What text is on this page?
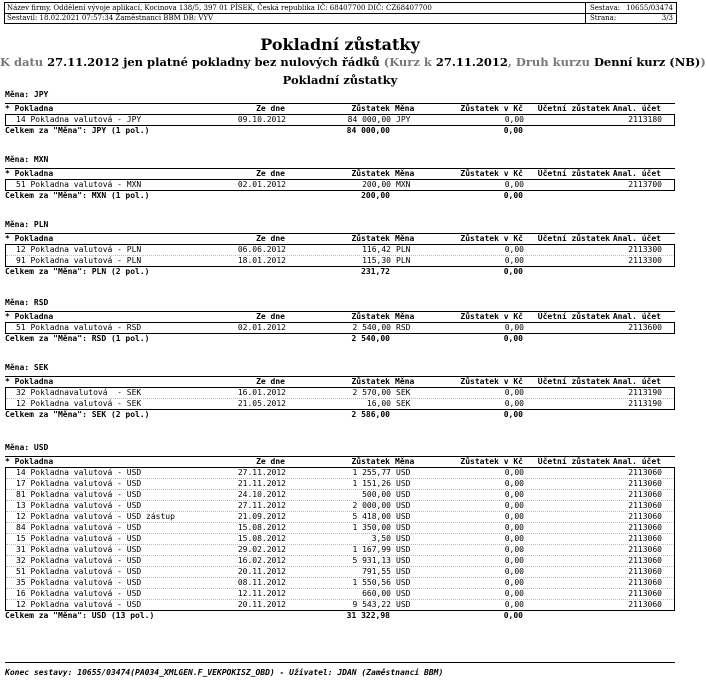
Název firmy, Oddělení vývoje aplikací, Kocinova 138/5, 397 01 PÍSEK, Česká republika IČ: 68407700 DIČ: CZ68407700
Sestavil: 18.02.2021 07:57:34 Zaměstnanci BBM DB: VYV
Sestava: 10655/03474
Strana:	3/3
Pokladní zůstatky
K datu 27.11.2012 jen platné pokladny bez nulových řádků (Kurz k 27.11.2012, Druh kurzu Denní kurz (NB))
Pokladní zůstatky
Měna: JPY
* Pokladna	Ze dne	Zůstatek Měna	Zůstatek v Kč	Účetní zůstatek Anal. účet
14 Pokladna valutová - JPY	09.10.2012	84 000,00 JPY	0,00	2113180
Celkem za "Měna": JPY (1 pol.)	84 000,00	0,00
Měna: MXN
* Pokladna	Ze dne	Zůstatek Měna	Zůstatek v Kč	Účetní zůstatek Anal. účet
51 Pokladna valutová - MXN	02.01.2012	200,00 MXN	0,00	2113700
Celkem za "Měna": MXN (1 pol.)	200,00	0,00
Měna: PLN
* Pokladna	Ze dne	Zůstatek Měna	Zůstatek v Kč	Účetní zůstatek Anal. účet
12 Pokladna valutová - PLN	06.06.2012	116,42 PLN	0,00	2113300
91 Pokladna valutová - PLN	18.01.2012	115,30 PLN	0,00	2113300
Celkem za "Měna": PLN (2 pol.)	231,72	0,00
Měna: RSD
* Pokladna	Ze dne	Zůstatek Měna	Zůstatek v Kč	Účetní zůstatek Anal. účet
51 Pokladna valutová - RSD	02.01.2012	2 540,00 RSD	0,00	2113600
Celkem za "Měna": RSD (1 pol.)	2 540,00	0,00
Měna: SEK
* Pokladna	Ze dne	Zůstatek Měna	Zůstatek v Kč	Účetní zůstatek Anal. účet
32 Pokladnavalutová  - SEK	16.01.2012	2 570,00 SEK	0,00	2113190
12 Pokladna valutová - SEK	21.05.2012	16,00 SEK	0,00	2113190
Celkem za "Měna": SEK (2 pol.)	2 586,00	0,00
Měna: USD
* Pokladna	Ze dne	Zůstatek Měna	Zůstatek v Kč	Účetní zůstatek Anal. účet
14 Pokladna valutová - USD	27.11.2012	1 255,77 USD	0,00	2113060
17 Pokladna valutová - USD	21.11.2012	1 151,26 USD	0,00	2113060
81 Pokladna valutová - USD	24.10.2012	500,00 USD	0,00	2113060
13 Pokladna valutová - USD	27.11.2012	2 000,00 USD	0,00	2113060
12 Pokladna valutová - USD zástup	21.09.2012	5 418,00 USD	0,00	2113060
84 Pokladna valutová - USD	15.08.2012	1 350,00 USD	0,00	2113060
15 Pokladna valutová - USD	15.08.2012	3,50 USD	0,00	2113060
31 Pokladna valutová - USD	29.02.2012	1 167,99 USD	0,00	2113060
32 Pokladna valutová - USD	16.02.2012	5 931,13 USD	0,00	2113060
51 Pokladna valutová - USD	20.11.2012	791,55 USD	0,00	2113060
35 Pokladna valutová - USD	08.11.2012	1 550,56 USD	0,00	2113060
16 Pokladna valutová - USD	12.11.2012	660,00 USD	0,00	2113060
12 Pokladna valutová - USD	20.11.2012	9 543,22 USD	0,00	2113060
Celkem za "Měna": USD (13 pol.)	31 322,98	0,00
Konec sestavy: 10655/03474(PA034_XMLGEN.F_VEKPOKISZ_OBD) - Uživatel: JDAN (Zaměstnanci BBM)
